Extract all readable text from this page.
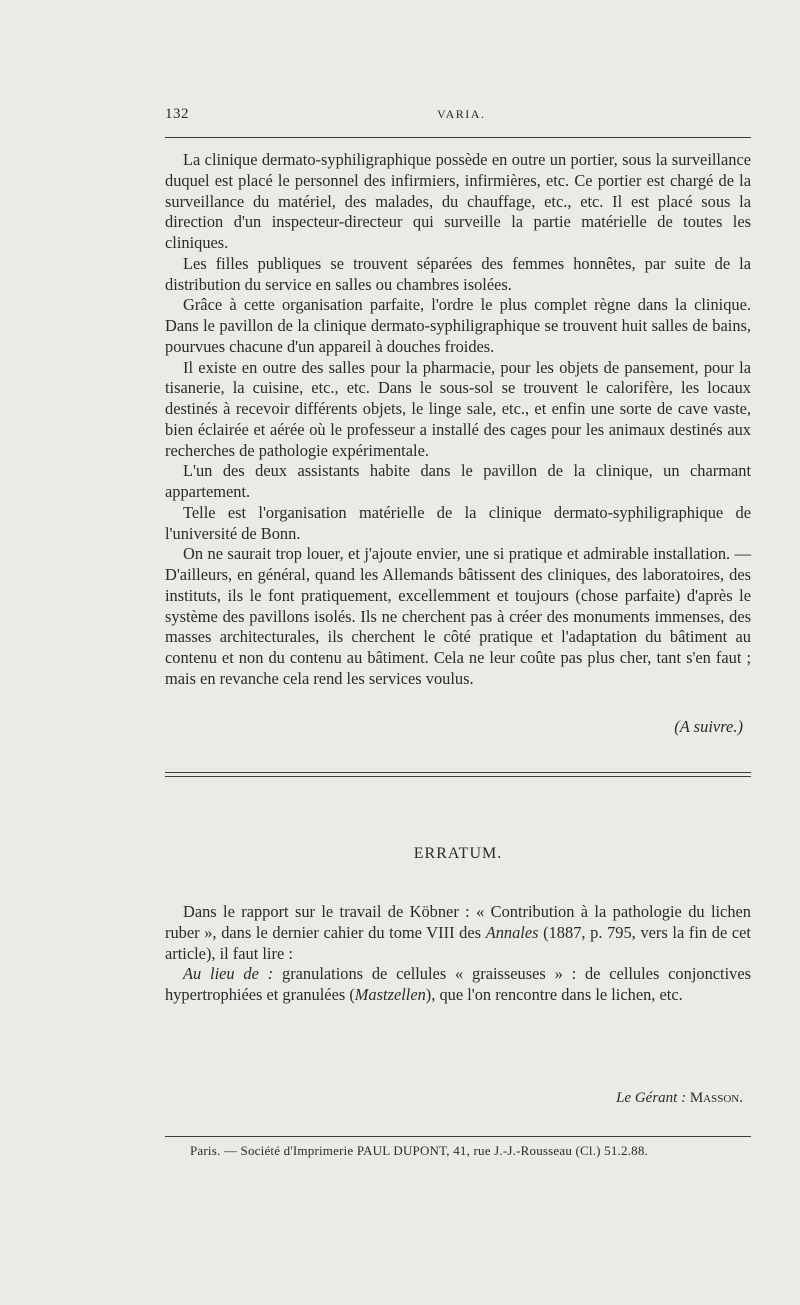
132	VARIA.

La clinique dermato-syphiligraphique possède en outre un portier, sous la surveillance duquel est placé le personnel des infirmiers, infirmières, etc. Ce portier est chargé de la surveillance du matériel, des malades, du chauffage, etc., etc. Il est placé sous la direction d'un inspecteur-directeur qui surveille la partie matérielle de toutes les cliniques.

Les filles publiques se trouvent séparées des femmes honnêtes, par suite de la distribution du service en salles ou chambres isolées.

Grâce à cette organisation parfaite, l'ordre le plus complet règne dans la clinique. Dans le pavillon de la clinique dermato-syphiligraphique se trouvent huit salles de bains, pourvues chacune d'un appareil à douches froides.

Il existe en outre des salles pour la pharmacie, pour les objets de pansement, pour la tisanerie, la cuisine, etc., etc. Dans le sous-sol se trouvent le calorifère, les locaux destinés à recevoir différents objets, le linge sale, etc., et enfin une sorte de cave vaste, bien éclairée et aérée où le professeur a installé des cages pour les animaux destinés aux recherches de pathologie expérimentale.

L'un des deux assistants habite dans le pavillon de la clinique, un charmant appartement.

Telle est l'organisation matérielle de la clinique dermato-syphiligraphique de l'université de Bonn.

On ne saurait trop louer, et j'ajoute envier, une si pratique et admirable installation. — D'ailleurs, en général, quand les Allemands bâtissent des cliniques, des laboratoires, des instituts, ils le font pratiquement, excellemment et toujours (chose parfaite) d'après le système des pavillons isolés. Ils ne cherchent pas à créer des monuments immenses, des masses architecturales, ils cherchent le côté pratique et l'adaptation du bâtiment au contenu et non du contenu au bâtiment. Cela ne leur coûte pas plus cher, tant s'en faut ; mais en revanche cela rend les services voulus.

(A suivre.)
ERRATUM.

Dans le rapport sur le travail de Köbner : « Contribution à la pathologie du lichen ruber », dans le dernier cahier du tome VIII des Annales (1887, p. 795, vers la fin de cet article), il faut lire :

Au lieu de : granulations de cellules « graisseuses » : de cellules conjonctives hypertrophiées et granulées (Mastzellen), que l'on rencontre dans le lichen, etc.

Le Gérant : Masson.
Paris. — Société d'Imprimerie PAUL DUPONT, 41, rue J.-J.-Rousseau (Cl.) 51.2.88.
